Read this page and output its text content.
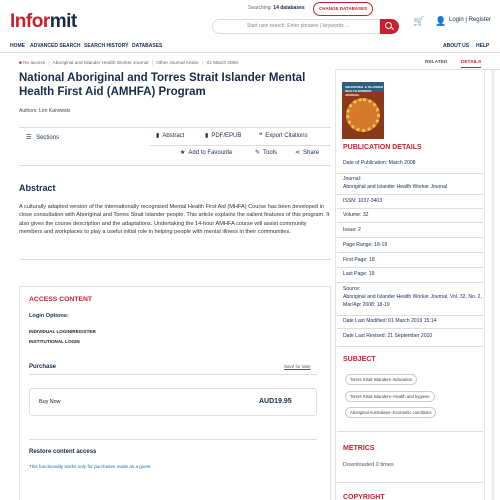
Informit
Searching: 14 databases	CHANGE DATABASES
Start new search. Enter phrases | keywords ...	🛒 👤 Login | Register
HOME ADVANCED SEARCH SEARCH HISTORY DATABASES	ABOUT US HELP
■ No access | Aboriginal and Islander Health Worker Journal | Other Journal Article | 01 March 2008	RELATED	DETAILS
National Aboriginal and Torres Strait Islander Mental Health First Aid (AMHFA) Program
Authors: Len Kanowski
☰ Sections	▮ Abstract	▮ PDF/EPUB	❝ Export Citations
★ Add to Favourite	✎ Tools	⋖ Share
Abstract
A culturally adapted version of the internationally recognised Mental Health First Aid (MHFA) Course has been developed in close consultation with Aboriginal and Torres Strait Islander people. This article explains the salient features of this program. It also gives the course description and the adaptations. Undertaking the 14-hour AMHFA course will assist community members and workplaces to play a useful initial role in helping people with mental illness in their communities.
ACCESS CONTENT
Login Options:
INDIVIDUAL LOGIN/REGISTER
INSTITUTIONAL LOGIN
Purchase	Save for later
Buy Now	AUD19.95
Restore content access
This functionality works only for purchases made as a guest
ABORIGINAL & ISLANDER HEALTH WORKER JOURNAL
PUBLICATION DETAILS
Date of Publication: March 2008
Journal:
Aboriginal and Islander Health Worker Journal
ISSN: 1037-3403
Volume: 32
Issue: 2
Page Range: 18-19
First Page: 18
Last Page: 19
Source:
Aboriginal and Islander Health Worker Journal, Vol. 32, No. 2, Mar/Apr 2008: 18-19
Date Last Modified: 01 March 2019 15:14
Date Last Revised: 21 September 2010
SUBJECT
Torres Strait Islanders--Education
Torres Strait Islanders--Health and hygiene
Aboriginal Australians--Economic conditions
METRICS
Downloaded 0 times
COPYRIGHT
